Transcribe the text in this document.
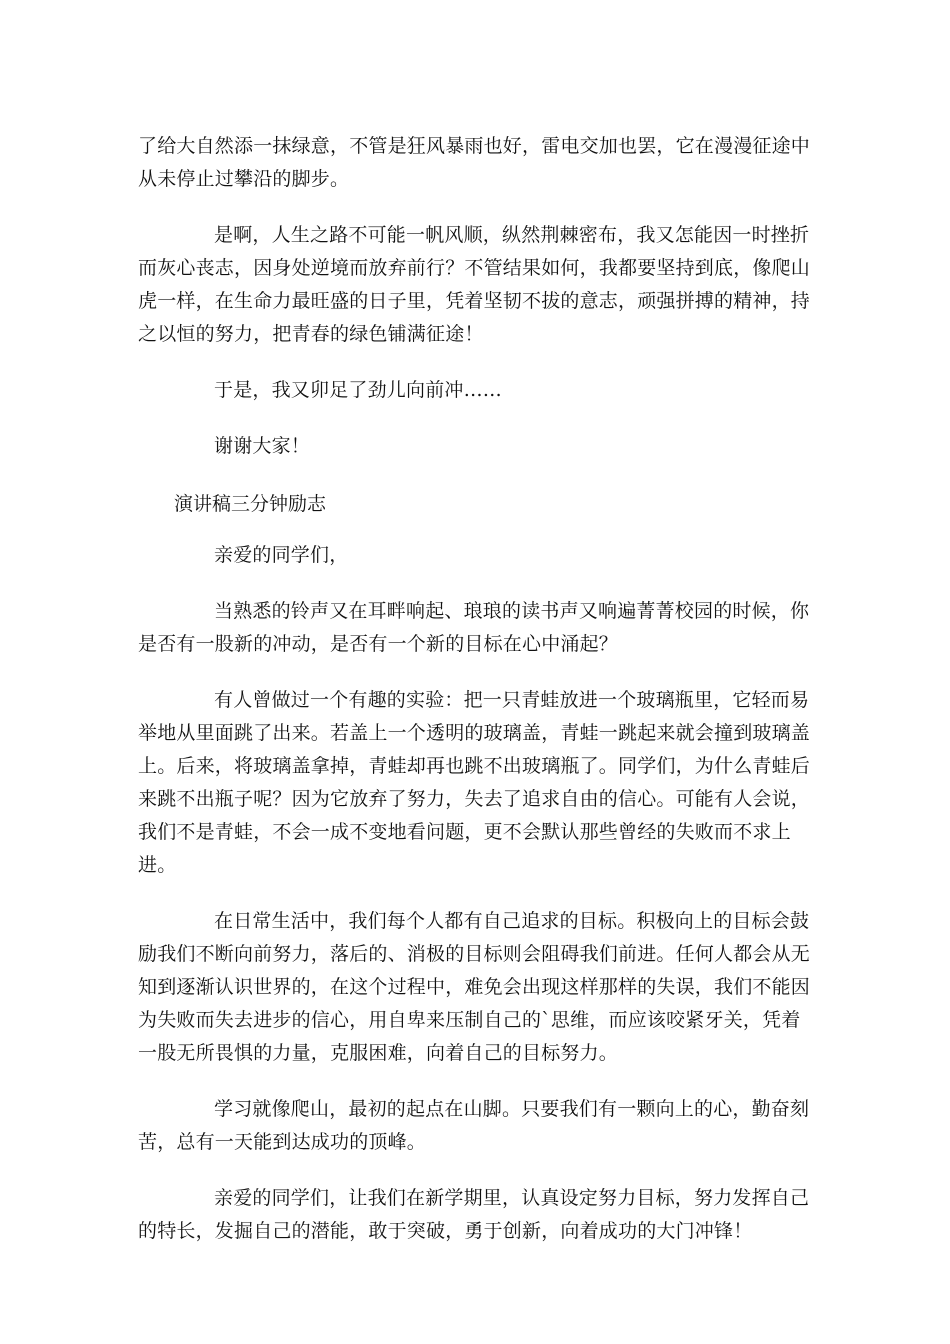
了给大自然添一抹绿意，不管是狂风暴雨也好，雷电交加也罢，它在漫漫征途中从未停止过攀沿的脚步。

是啊，人生之路不可能一帆风顺，纵然荆棘密布，我又怎能因一时挫折而灰心丧志，因身处逆境而放弃前行？不管结果如何，我都要坚持到底，像爬山虎一样，在生命力最旺盛的日子里，凭着坚韧不拔的意志，顽强拼搏的精神，持之以恒的努力，把青春的绿色铺满征途！

于是，我又卯足了劲儿向前冲……

谢谢大家！

演讲稿三分钟励志

亲爱的同学们，

当熟悉的铃声又在耳畔响起、琅琅的读书声又响遍菁菁校园的时候，你是否有一股新的冲动，是否有一个新的目标在心中涌起？

有人曾做过一个有趣的实验：把一只青蛙放进一个玻璃瓶里，它轻而易举地从里面跳了出来。若盖上一个透明的玻璃盖，青蛙一跳起来就会撞到玻璃盖上。后来，将玻璃盖拿掉，青蛙却再也跳不出玻璃瓶了。同学们，为什么青蛙后来跳不出瓶子呢？因为它放弃了努力，失去了追求自由的信心。可能有人会说，我们不是青蛙，不会一成不变地看问题，更不会默认那些曾经的失败而不求上进。

在日常生活中，我们每个人都有自己追求的目标。积极向上的目标会鼓励我们不断向前努力，落后的、消极的目标则会阻碍我们前进。任何人都会从无知到逐渐认识世界的，在这个过程中，难免会出现这样那样的失误，我们不能因为失败而失去进步的信心，用自卑来压制自己的`思维，而应该咬紧牙关，凭着一股无所畏惧的力量，克服困难，向着自己的目标努力。

学习就像爬山，最初的起点在山脚。只要我们有一颗向上的心，勤奋刻苦，总有一天能到达成功的顶峰。

亲爱的同学们，让我们在新学期里，认真设定努力目标，努力发挥自己的特长，发掘自己的潜能，敢于突破，勇于创新，向着成功的大门冲锋！
